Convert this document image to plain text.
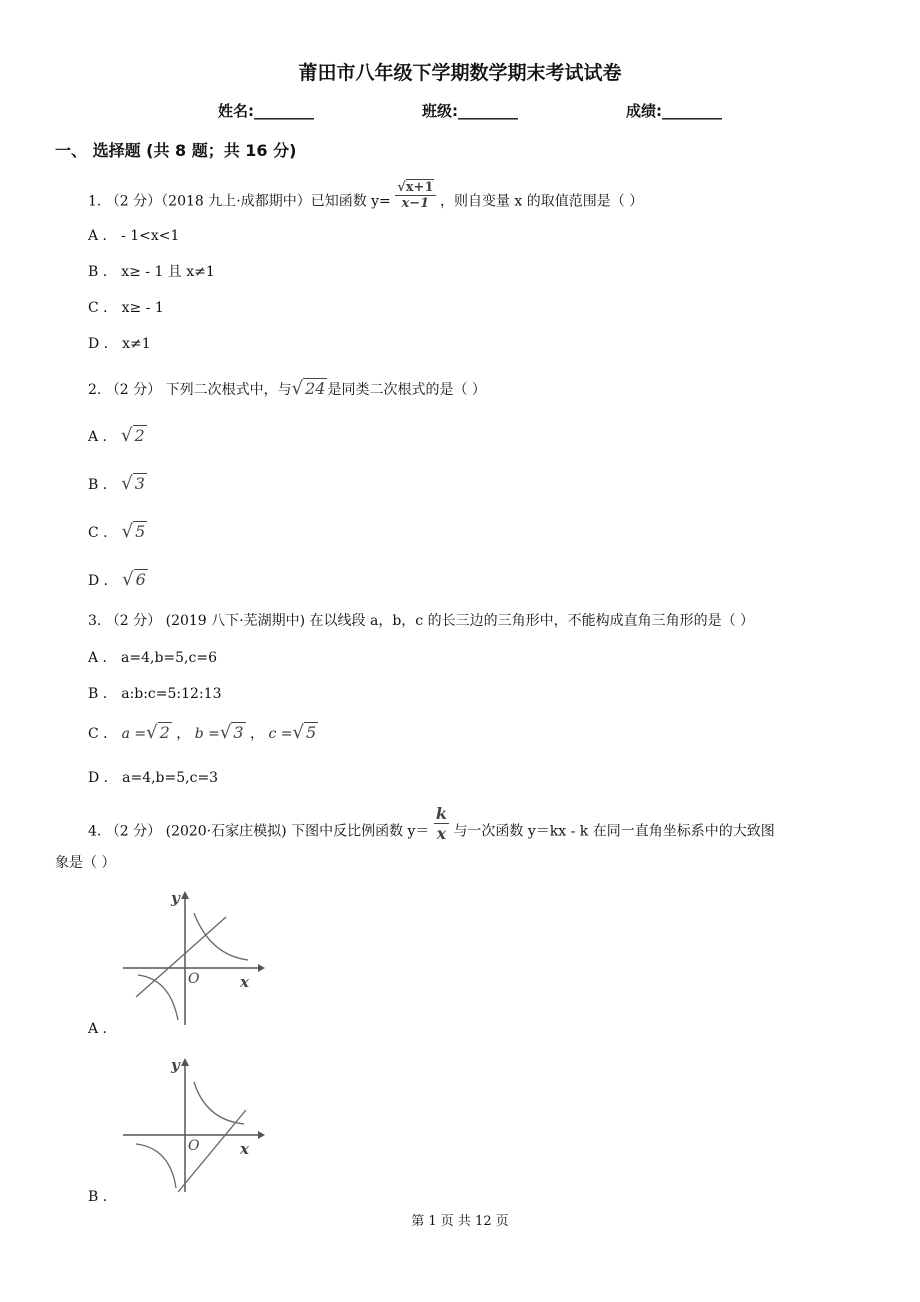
莆田市八年级下学期数学期末考试试卷
姓名:________	班级:________	成绩:________
一、 选择题 (共 8 题；共 16 分)
1. （2 分）（2018 九上·成都期中）已知函数 $y= \frac{√x+1}{x-1}$ ，则自变量 x 的取值范围是（ ）
A ． - 1<x<1
B ． x≥ - 1 且 x≠1
C ． x≥ - 1
D ． x≠1
2. （2 分） 下列二次根式中，与√ 24 是同类二次根式的是（ ）
A ． √ 2
B ． √ 3
C ． √ 5
D ． √ 6
3. （2 分） (2019 八下·芜湖期中) 在以线段 a，b，c 的长三边的三角形中，不能构成直角三角形的是（ ）
A ． a=4,b=5,c=6
B ． a:b:c=5:12:13
C ． a =√ 2 ， b =√ 3 ， c =√ 5
D ． a=4,b=5,c=3
4. （2 分） (2020·石家庄模拟) 下图中反比例函数 $y= \frac{k}{x}$ 与一次函数 y＝kx - k 在同一直角坐标系中的大致图
象是（ ）
y
x
O
A ．
y
x
O
B ．
第 1 页 共 12 页
